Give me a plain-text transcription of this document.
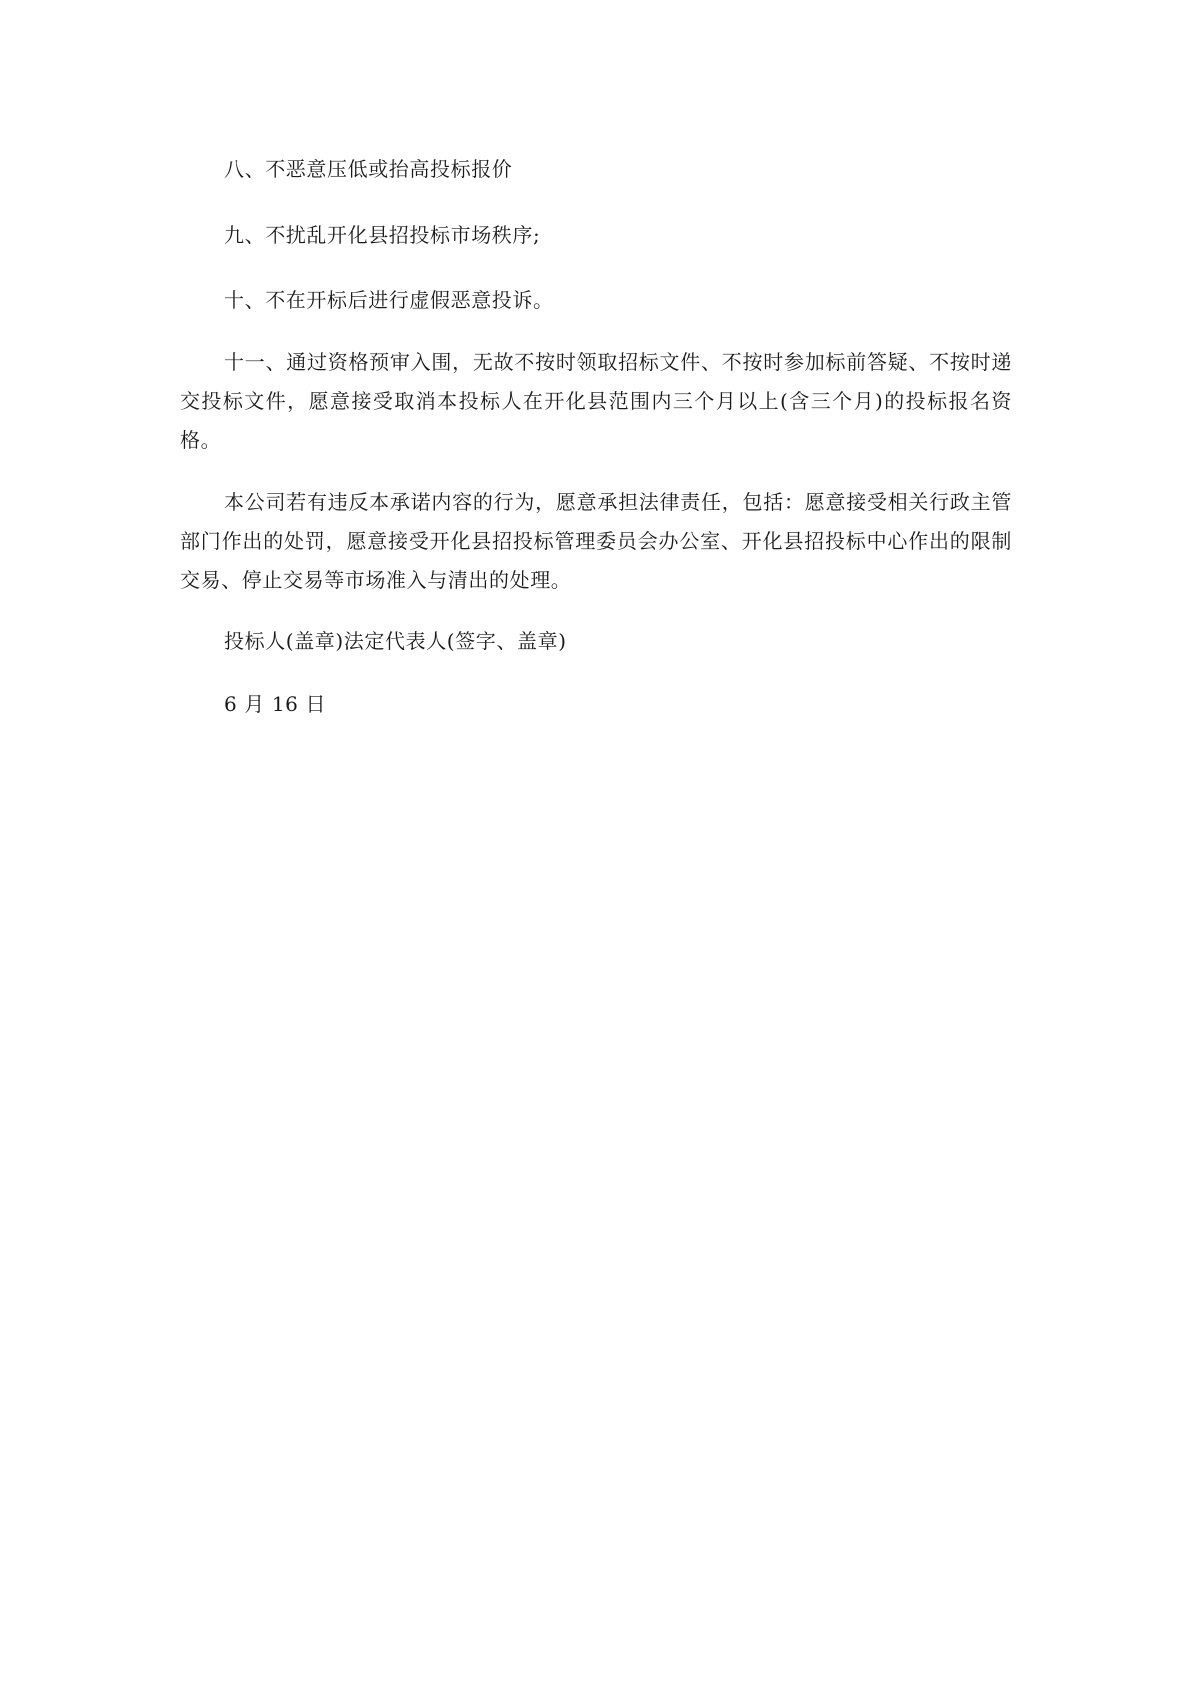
八、不恶意压低或抬高投标报价

九、不扰乱开化县招投标市场秩序;

十、不在开标后进行虚假恶意投诉。

十一、通过资格预审入围，无故不按时领取招标文件、不按时参加标前答疑、不按时递交投标文件，愿意接受取消本投标人在开化县范围内三个月以上(含三个月)的投标报名资格。

本公司若有违反本承诺内容的行为，愿意承担法律责任，包括：愿意接受相关行政主管部门作出的处罚，愿意接受开化县招投标管理委员会办公室、开化县招投标中心作出的限制交易、停止交易等市场准入与清出的处理。

投标人(盖章)法定代表人(签字、盖章)

6 月 16 日
